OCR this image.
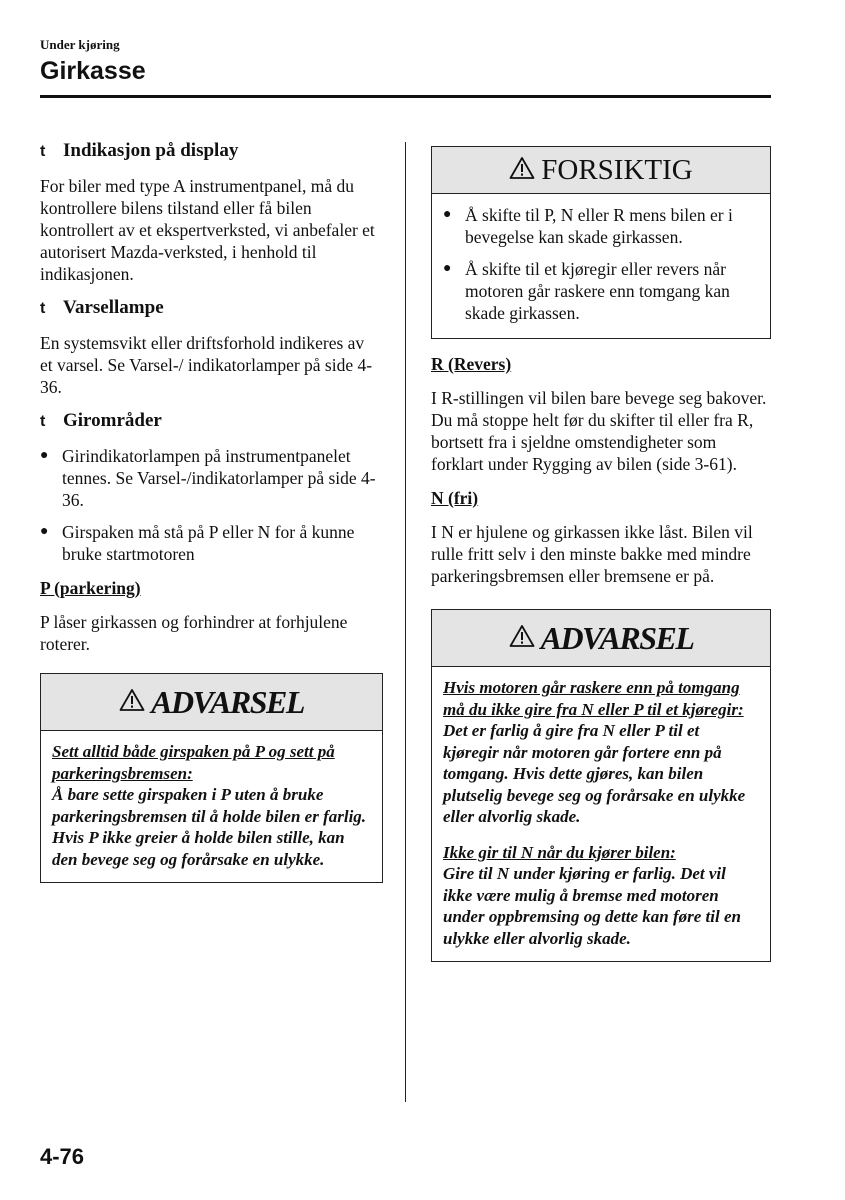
Under kjøring
Girkasse
t Indikasjon på display

For biler med type A instrumentpanel, må du kontrollere bilens tilstand eller få bilen kontrollert av et ekspertverksted, vi anbefaler et autorisert Mazda-verksted, i henhold til indikasjonen.

t Varsellampe

En systemsvikt eller driftsforhold indikeres av et varsel. Se Varsel-/ indikatorlamper på side 4-36.

t Girområder
● Girindikatorlampen på instrumentpanelet tennes. Se Varsel-/indikatorlamper på side 4-36.
● Girspaken må stå på P eller N for å kunne bruke startmotoren
P (parkering)

P låser girkassen og forhindrer at forhjulene roterer.

ADVARSEL
Sett alltid både girspaken på P og sett på parkeringsbremsen:
Å bare sette girspaken i P uten å bruke parkeringsbremsen til å holde bilen er farlig. Hvis P ikke greier å holde bilen stille, kan den bevege seg og forårsake en ulykke.
FORSIKTIG
● Å skifte til P, N eller R mens bilen er i bevegelse kan skade girkassen.
● Å skifte til et kjøregir eller revers når motoren går raskere enn tomgang kan skade girkassen.
R (Revers)

I R-stillingen vil bilen bare bevege seg bakover. Du må stoppe helt før du skifter til eller fra R, bortsett fra i sjeldne omstendigheter som forklart under Rygging av bilen (side 3-61).

N (fri)

I N er hjulene og girkassen ikke låst. Bilen vil rulle fritt selv i den minste bakke med mindre parkeringsbremsen eller bremsene er på.

ADVARSEL
Hvis motoren går raskere enn på tomgang må du ikke gire fra N eller P til et kjøregir:
Det er farlig å gire fra N eller P til et kjøregir når motoren går fortere enn på tomgang. Hvis dette gjøres, kan bilen plutselig bevege seg og forårsake en ulykke eller alvorlig skade.
Ikke gir til N når du kjører bilen:
Gire til N under kjøring er farlig. Det vil ikke være mulig å bremse med motoren under oppbremsing og dette kan føre til en ulykke eller alvorlig skade.
4-76
